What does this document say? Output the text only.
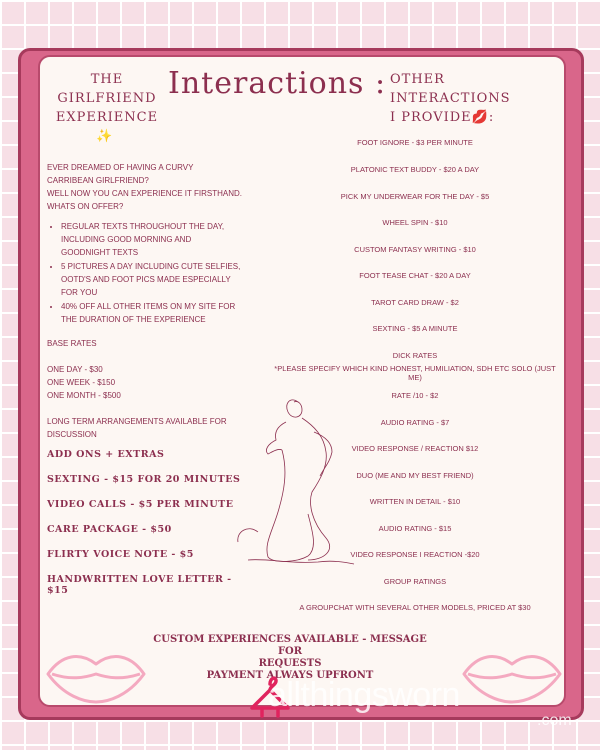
THE
GIRLFRIEND
EXPERIENCE
✨
Interactions : OTHER
INTERACTIONS
I PROVIDE💋:

EVER DREAMED OF HAVING A CURVY CARRIBEAN GIRLFRIEND?

WELL NOW YOU CAN EXPERIENCE IT FIRSTHAND.

WHATS ON OFFER?

• REGULAR TEXTS THROUGHOUT THE DAY, INCLUDING GOOD MORNING AND GOODNIGHT TEXTS
• 5 PICTURES A DAY INCLUDING CUTE SELFIES, OOTD'S AND FOOT PICS MADE ESPECIALLY FOR YOU
• 40% OFF ALL OTHER ITEMS ON MY SITE FOR THE DURATION OF THE EXPERIENCE

BASE RATES

ONE DAY - $30

ONE WEEK - $150

ONE MONTH - $500

LONG TERM ARRANGEMENTS AVAILABLE FOR DISCUSSION

ADD ONS + EXTRAS
SEXTING - $15 FOR 20 MINUTES
VIDEO CALLS - $5 PER MINUTE
CARE PACKAGE - $50
FLIRTY VOICE NOTE - $5
HANDWRITTEN LOVE LETTER - $15
FOOT IGNORE - $3 PER MINUTE
PLATONIC TEXT BUDDY - $20 A DAY
PICK MY UNDERWEAR FOR THE DAY - $5
WHEEL SPIN - $10
CUSTOM FANTASY WRITING - $10
FOOT TEASE CHAT - $20 A DAY
TAROT CARD DRAW - $2
SEXTING - $5 A MINUTE
DICK RATES
*PLEASE SPECIFY WHICH KIND HONEST, HUMILIATION, SDH ETC SOLO (JUST ME)
RATE /10 - $2
AUDIO RATING - $7
VIDEO RESPONSE / REACTION $12
DUO (ME AND MY BEST FRIEND)
WRITTEN IN DETAIL - $10
AUDIO RATING - $15
VIDEO RESPONSE I REACTION -$20
GROUP RATINGS
A GROUPCHAT WITH SEVERAL OTHER MODELS, PRICED AT $30
CUSTOM EXPERIENCES AVAILABLE - MESSAGE
FOR
REQUESTS
PAYMENT ALWAYS UPFRONT
allthingsworn
.com
